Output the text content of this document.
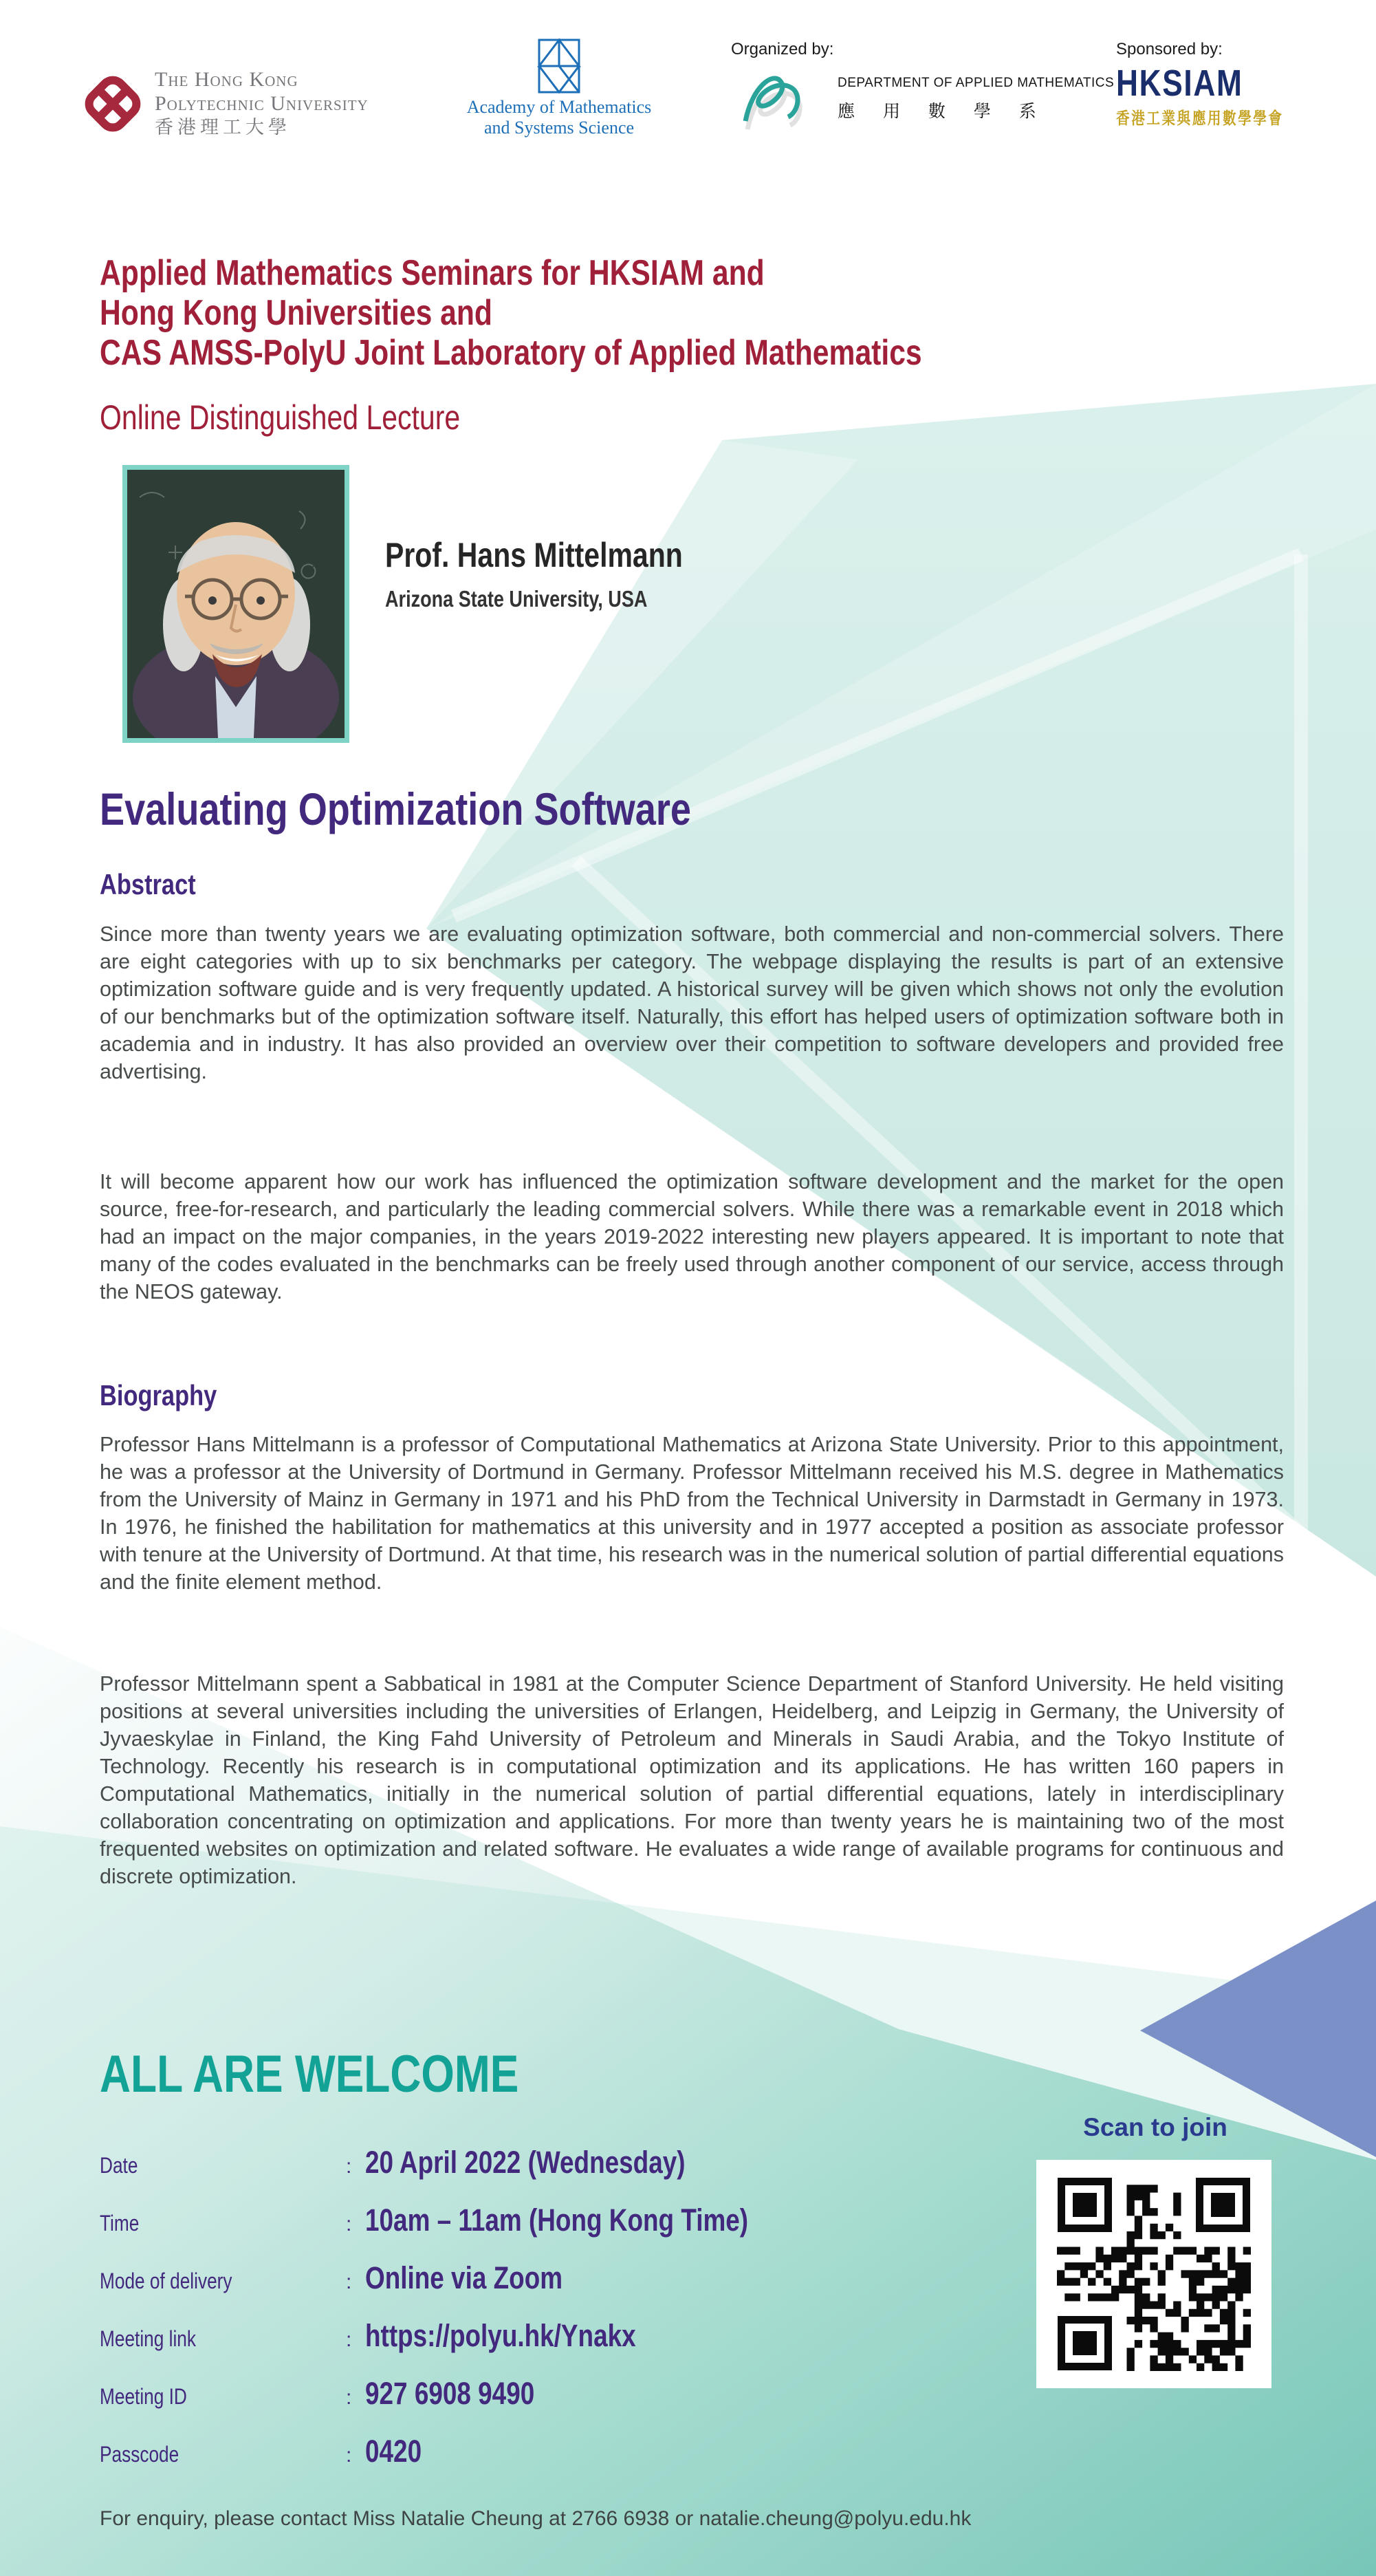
The Hong Kong
Polytechnic University
香港理工大學
Academy of Mathematics
and Systems Science
Organized by:
DEPARTMENT OF APPLIED MATHEMATICS
應 用 數 學 系
Sponsored by:
HKSIAM 香港工業與應用數學學會
Applied Mathematics Seminars for HKSIAM and
Hong Kong Universities and
CAS AMSS-PolyU Joint Laboratory of Applied Mathematics
Online Distinguished Lecture
Prof. Hans Mittelmann
Arizona State University, USA
Evaluating Optimization Software
Abstract
Since more than twenty years we are evaluating optimization software, both commercial and non-commercial solvers. There are eight categories with up to six benchmarks per category. The webpage displaying the results is part of an extensive optimization software guide and is very frequently updated. A historical survey will be given which shows not only the evolution of our benchmarks but of the optimization software itself. Naturally, this effort has helped users of optimization software both in academia and in industry. It has also provided an overview over their competition to software developers and provided free advertising.
It will become apparent how our work has influenced the optimization software development and the market for the open source, free-for-research, and particularly the leading commercial solvers. While there was a remarkable event in 2018 which had an impact on the major companies, in the years 2019-2022 interesting new players appeared. It is important to note that many of the codes evaluated in the benchmarks can be freely used through another component of our service, access through the NEOS gateway.
Biography
Professor Hans Mittelmann is a professor of Computational Mathematics at Arizona State University. Prior to this appointment, he was a professor at the University of Dortmund in Germany. Professor Mittelmann received his M.S. degree in Mathematics from the University of Mainz in Germany in 1971 and his PhD from the Technical University in Darmstadt in Germany in 1973. In 1976, he finished the habilitation for mathematics at this university and in 1977 accepted a position as associate professor with tenure at the University of Dortmund. At that time, his research was in the numerical solution of partial differential equations and the finite element method.
Professor Mittelmann spent a Sabbatical in 1981 at the Computer Science Department of Stanford University. He held visiting positions at several universities including the universities of Erlangen, Heidelberg, and Leipzig in Germany, the University of Jyvaeskylae in Finland, the King Fahd University of Petroleum and Minerals in Saudi Arabia, and the Tokyo Institute of Technology. Recently his research is in computational optimization and its applications. He has written 160 papers in Computational Mathematics, initially in the numerical solution of partial differential equations, lately in interdisciplinary collaboration concentrating on optimization and applications. For more than twenty years he is maintaining two of the most frequented websites on optimization and related software. He evaluates a wide range of available programs for continuous and discrete optimization.
ALL ARE WELCOME
Date	: 20 April 2022 (Wednesday)
Time	: 10am – 11am (Hong Kong Time)
Mode of delivery	: Online via Zoom
Meeting link	: https://polyu.hk/Ynakx
Meeting ID	: 927 6908 9490
Passcode	: 0420
Scan to join
For enquiry, please contact Miss Natalie Cheung at 2766 6938 or natalie.cheung@polyu.edu.hk
